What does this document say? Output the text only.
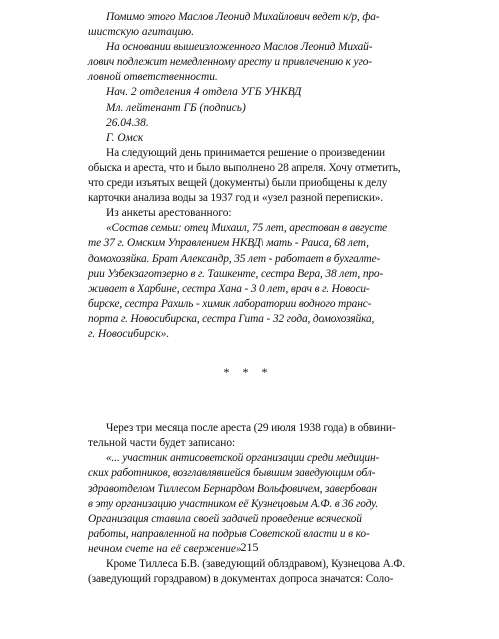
Помимо этого Маслов Леонид Михайлович ведет к/р, фа-

шистскую агитацию.

На основании вышеизложенного Маслов Леонид Михай-

лович подлежит немедленному аресту и привлечению к уго-

ловной ответственности.

Нач. 2 отделения 4 отдела УГБ УНКВД

Мл. лейтенант ГБ (подпись)

26.04.38.

Г. Омск

На следующий день принимается решение о произведении

обыска и ареста, что и было выполнено 28 апреля. Хочу отметить,

что среди изъятых вещей (документы) были приобщены к делу

карточки анализа воды за 1937 год и «узел разной переписки».

Из анкеты арестованного:

«Состав семьи: отец Михаил, 75 лет, арестован в августе

те 37 г. Омским Управлением НКВД\ мать - Раиса, 68 лет,

домохозяйка. Брат Александр, 35 лет - работает в бухгалте-

рии Узбекзаготзерно в г. Ташкенте, сестра Вера, 38 лет, про-

живает в Харбине, сестра Хана - 3 0 лет, врач в г. Новоси-

бирске, сестра Рахиль - химик лаборатории водного транс-

порта г. Новосибирска, сестра Гита - 32 года, домохозяйка,

г. Новосибирск».

* * *

Через три месяца после ареста (29 июля 1938 года) в обвини-

тельной части будет записано:

«... участник антисоветской организации среди медицин-

ских работников, возглавлявшейся бывшим заведующим обл-

здравотделом Тиллесом Бернардом Вольфовичем, завербован

в эту организацию участником её Кузнецовым А.Ф. в 36 году.

Организация ставила своей задачей проведение всяческой

работы, направленной на подрыв Советской власти и в ко-

нечном счете на её свержение»

Кроме Тиллеса Б.В. (заведующий облздравом), Кузнецова А.Ф.

(заведующий горздравом) в документах допроса значатся: Соло-

215
